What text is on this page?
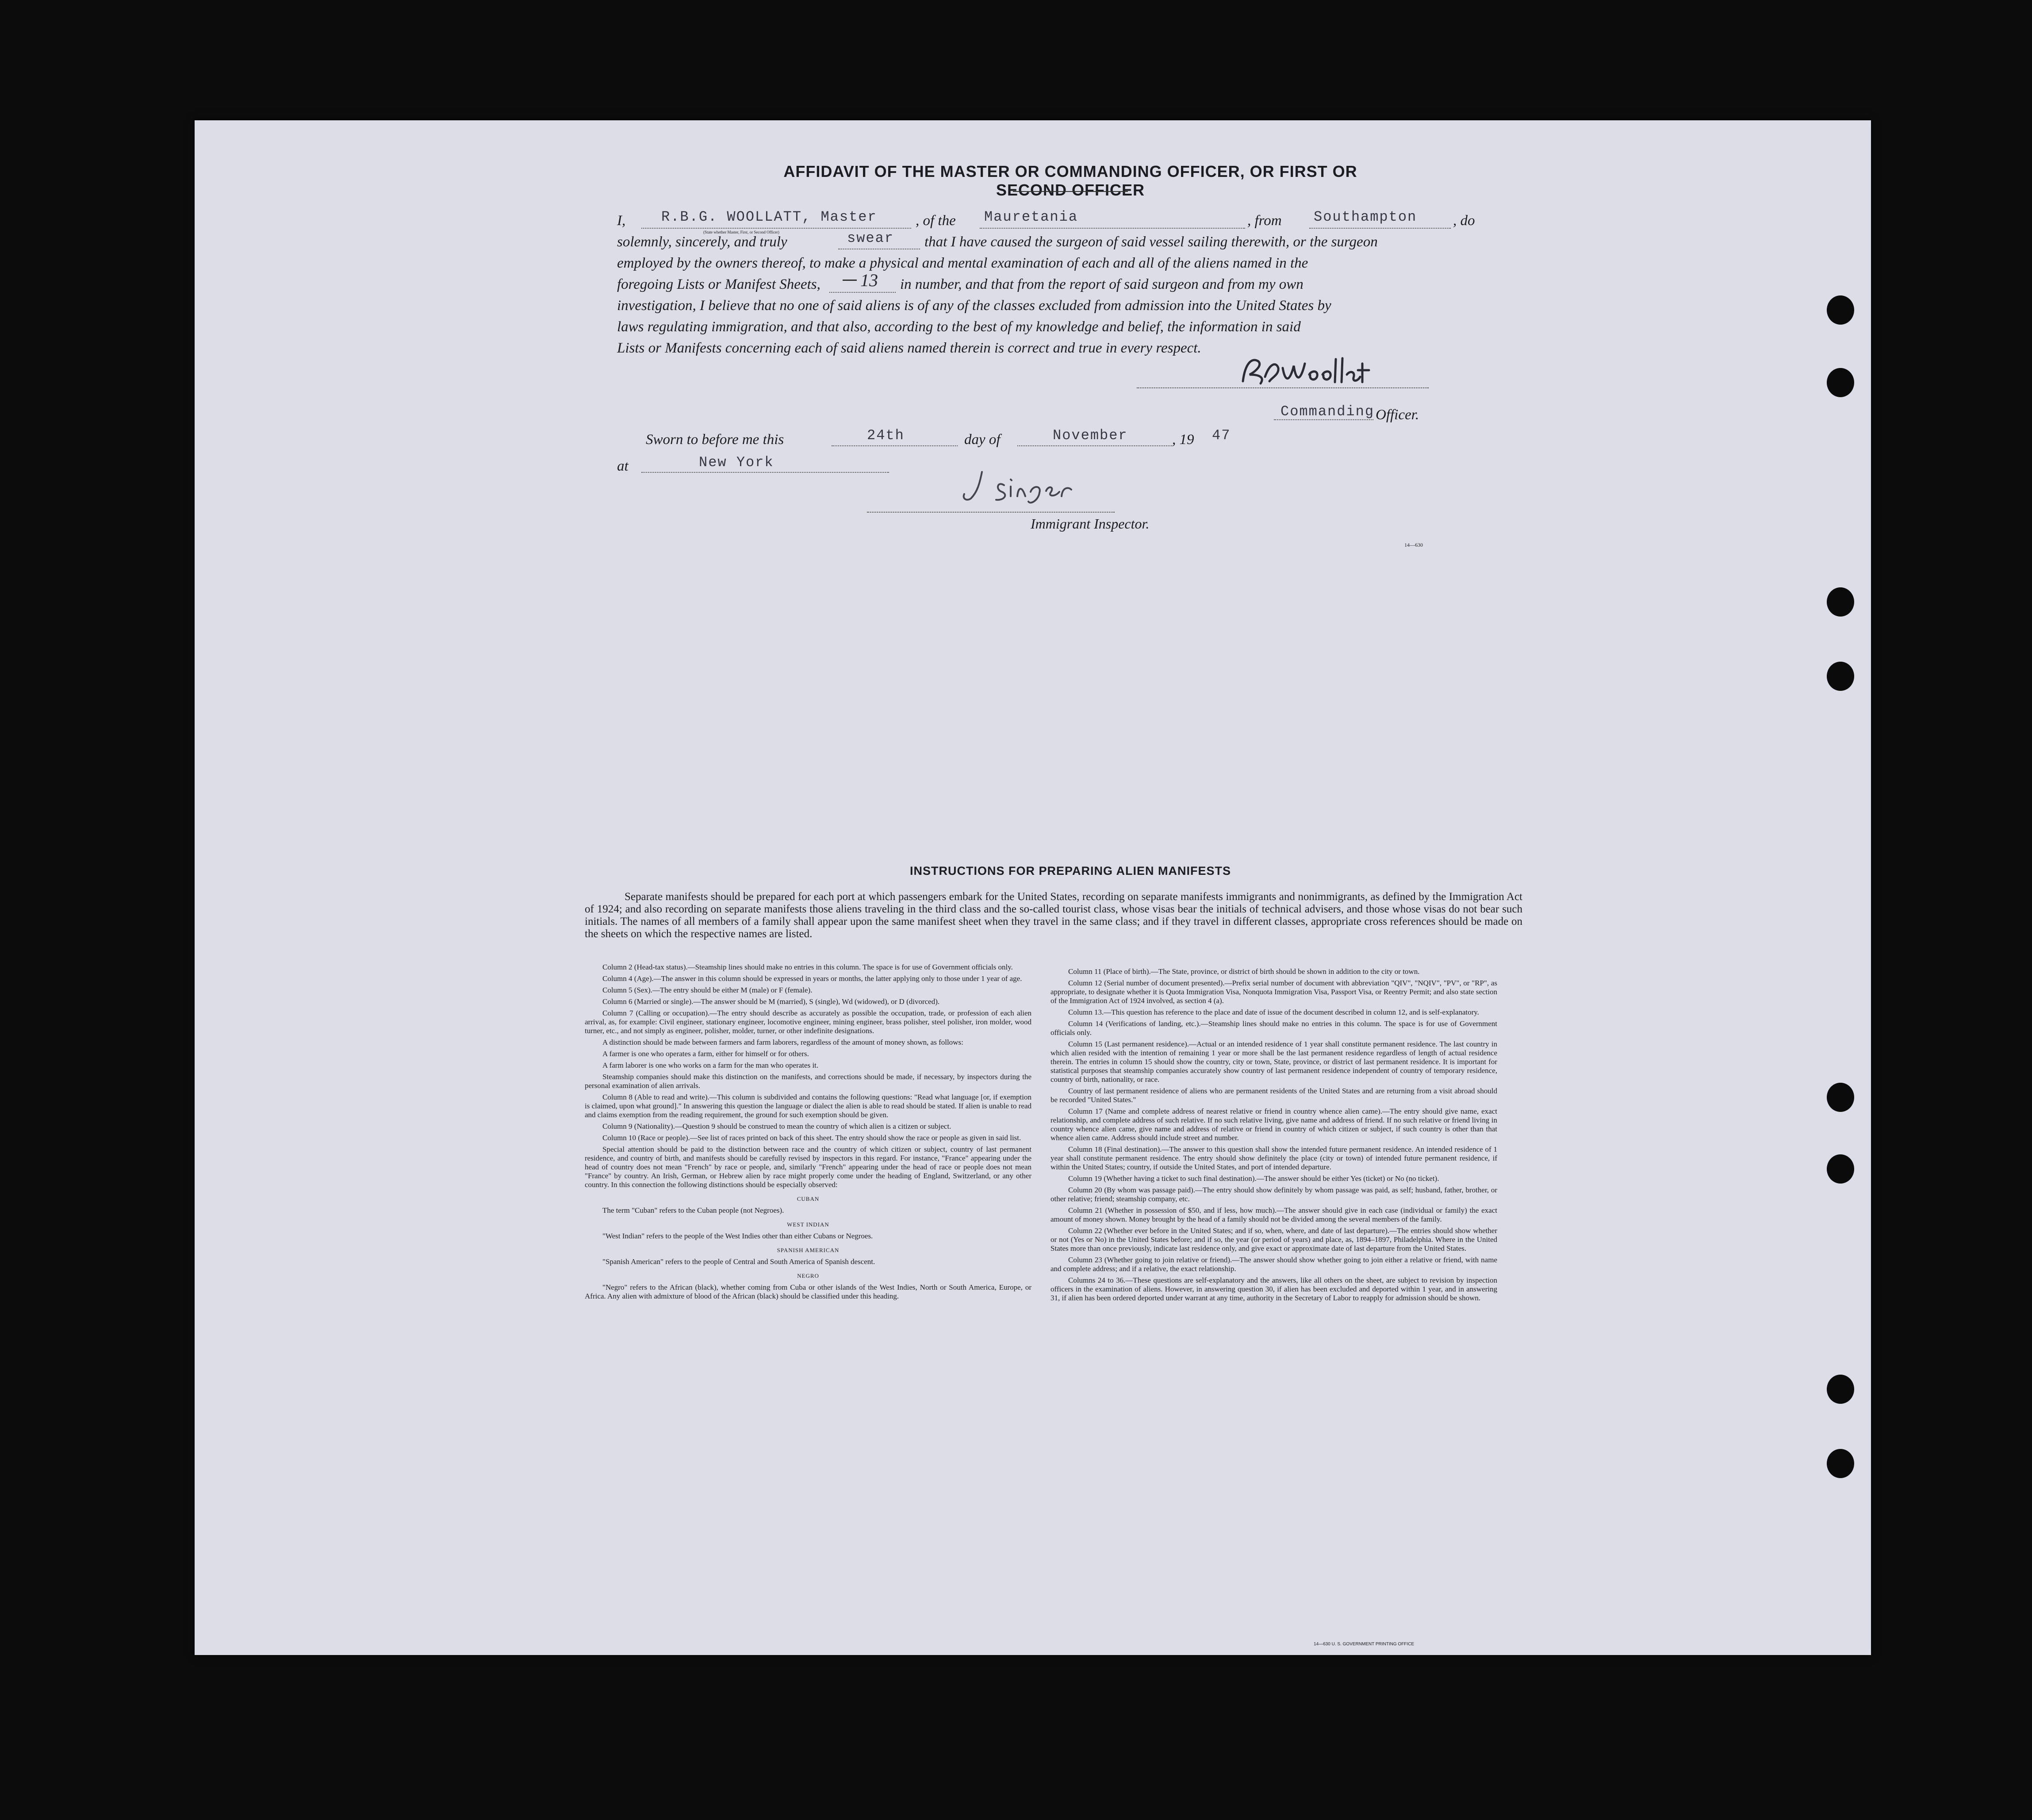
AFFIDAVIT OF THE MASTER OR COMMANDING OFFICER, OR FIRST OR SECOND OFFICER
I,	R.B.G. WOOLLATT, Master
(State whether Master, First, or Second Officer)
, of the	Mauretania	, from	Southampton , do
solemnly, sincerely, and truly	swear that I have caused the surgeon of said vessel sailing therewith, or the surgeon
employed by the owners thereof, to make a physical and mental examination of each and all of the aliens named in the
foregoing Lists or Manifest Sheets,	13 in number, and that from the report of said surgeon and from my own
investigation, I believe that no one of said aliens is of any of the classes excluded from admission into the United States by
laws regulating immigration, and that also, according to the best of my knowledge and belief, the information in said
Lists or Manifests concerning each of said aliens named therein is correct and true in every respect.
Commanding Officer.
Sworn to before me this	24th	day of	November	, 19	47
at	New York
Immigrant Inspector.
14—630
INSTRUCTIONS FOR PREPARING ALIEN MANIFESTS
Separate manifests should be prepared for each port at which passengers embark for the United States, recording on separate manifests immigrants and nonimmigrants, as defined by the Immigration Act of 1924; and also recording on separate manifests those aliens traveling in the third class and the so-called tourist class, whose visas bear the initials of technical advisers, and those whose visas do not bear such initials. The names of all members of a family shall appear upon the same manifest sheet when they travel in the same class; and if they travel in different classes, appropriate cross references should be made on the sheets on which the respective names are listed.

Column 2 (Head-tax status).—Steamship lines should make no entries in this column. The space is for use of Government officials only.

Column 4 (Age).—The answer in this column should be expressed in years or months, the latter applying only to those under 1 year of age.

Column 5 (Sex).—The entry should be either M (male) or F (female).

Column 6 (Married or single).—The answer should be M (married), S (single), Wd (widowed), or D (divorced).

Column 7 (Calling or occupation).—The entry should describe as accurately as possible the occupation, trade, or profession of each alien arrival, as, for example: Civil engineer, stationary engineer, locomotive engineer, mining engineer, brass polisher, steel polisher, iron molder, wood turner, etc., and not simply as engineer, polisher, molder, turner, or other indefinite designations.

A distinction should be made between farmers and farm laborers, regardless of the amount of money shown, as follows:

A farmer is one who operates a farm, either for himself or for others.

A farm laborer is one who works on a farm for the man who operates it.

Steamship companies should make this distinction on the manifests, and corrections should be made, if necessary, by inspectors during the personal examination of alien arrivals.

Column 8 (Able to read and write).—This column is subdivided and contains the following questions: "Read what language [or, if exemption is claimed, upon what ground]." In answering this question the language or dialect the alien is able to read should be stated. If alien is unable to read and claims exemption from the reading requirement, the ground for such exemption should be given.

Column 9 (Nationality).—Question 9 should be construed to mean the country of which alien is a citizen or subject.

Column 10 (Race or people).—See list of races printed on back of this sheet. The entry should show the race or people as given in said list.

Special attention should be paid to the distinction between race and the country of which citizen or subject, country of last permanent residence, and country of birth, and manifests should be carefully revised by inspectors in this regard. For instance, "France" appearing under the head of country does not mean "French" by race or people, and, similarly "French" appearing under the head of race or people does not mean "France" by country. An Irish, German, or Hebrew alien by race might properly come under the heading of England, Switzerland, or any other country. In this connection the following distinctions should be especially observed:

CUBAN

The term "Cuban" refers to the Cuban people (not Negroes).

WEST INDIAN

"West Indian" refers to the people of the West Indies other than either Cubans or Negroes.

SPANISH AMERICAN

"Spanish American" refers to the people of Central and South America of Spanish descent.

NEGRO

"Negro" refers to the African (black), whether coming from Cuba or other islands of the West Indies, North or South America, Europe, or Africa. Any alien with admixture of blood of the African (black) should be classified under this heading.

Column 11 (Place of birth).—The State, province, or district of birth should be shown in addition to the city or town.

Column 12 (Serial number of document presented).—Prefix serial number of document with abbreviation "QIV", "NQIV", "PV", or "RP", as appropriate, to designate whether it is Quota Immigration Visa, Nonquota Immigration Visa, Passport Visa, or Reentry Permit; and also state section of the Immigration Act of 1924 involved, as section 4 (a).

Column 13.—This question has reference to the place and date of issue of the document described in column 12, and is self-explanatory.

Column 14 (Verifications of landing, etc.).—Steamship lines should make no entries in this column. The space is for use of Government officials only.

Column 15 (Last permanent residence).—Actual or an intended residence of 1 year shall constitute permanent residence. The last country in which alien resided with the intention of remaining 1 year or more shall be the last permanent residence regardless of length of actual residence therein. The entries in column 15 should show the country, city or town, State, province, or district of last permanent residence. It is important for statistical purposes that steamship companies accurately show country of last permanent residence independent of country of temporary residence, country of birth, nationality, or race.

Country of last permanent residence of aliens who are permanent residents of the United States and are returning from a visit abroad should be recorded "United States."

Column 17 (Name and complete address of nearest relative or friend in country whence alien came).—The entry should give name, exact relationship, and complete address of such relative. If no such relative living, give name and address of friend. If no such relative or friend living in country whence alien came, give name and address of relative or friend in country of which citizen or subject, if such country is other than that whence alien came. Address should include street and number.

Column 18 (Final destination).—The answer to this question shall show the intended future permanent residence. An intended residence of 1 year shall constitute permanent residence. The entry should show definitely the place (city or town) of intended future permanent residence, if within the United States; country, if outside the United States, and port of intended departure.

Column 19 (Whether having a ticket to such final destination).—The answer should be either Yes (ticket) or No (no ticket).

Column 20 (By whom was passage paid).—The entry should show definitely by whom passage was paid, as self; husband, father, brother, or other relative; friend; steamship company, etc.

Column 21 (Whether in possession of $50, and if less, how much).—The answer should give in each case (individual or family) the exact amount of money shown. Money brought by the head of a family should not be divided among the several members of the family.

Column 22 (Whether ever before in the United States; and if so, when, where, and date of last departure).—The entries should show whether or not (Yes or No) in the United States before; and if so, the year (or period of years) and place, as, 1894–1897, Philadelphia. Where in the United States more than once previously, indicate last residence only, and give exact or approximate date of last departure from the United States.

Column 23 (Whether going to join relative or friend).—The answer should show whether going to join either a relative or friend, with name and complete address; and if a relative, the exact relationship.

Columns 24 to 36.—These questions are self-explanatory and the answers, like all others on the sheet, are subject to revision by inspection officers in the examination of aliens. However, in answering question 30, if alien has been excluded and deported within 1 year, and in answering 31, if alien has been ordered deported under warrant at any time, authority in the Secretary of Labor to reapply for admission should be shown.

14—630 U. S. GOVERNMENT PRINTING OFFICE
